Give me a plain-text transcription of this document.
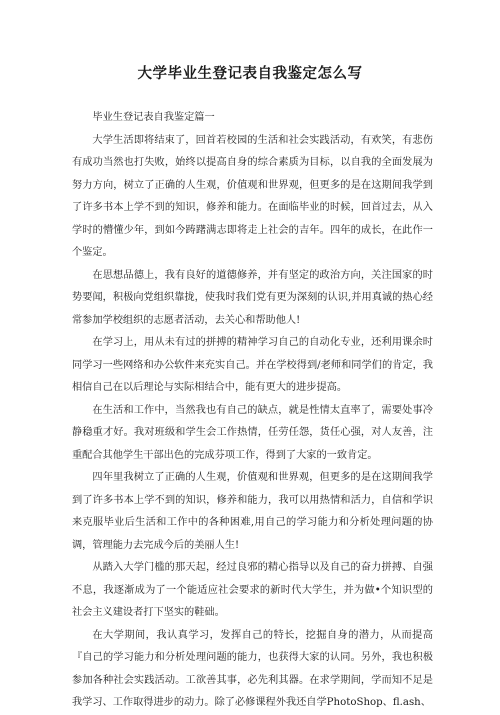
大学毕业生登记表自我鉴定怎么写

毕业生登记表自我鉴定篇一

大学生活即将结束了，回首若校园的生活和社会实践活动，有欢笑，有悲伤有成功当然也打失败，始终以提高自身的综合素质为目标，以自我的全面发展为努力方向，树立了正确的人生观，价值观和世界观，但更多的是在这期间我学到了许多书本上学不到的知识，修养和能力。在面临毕业的时候，回首过去，从入学时的懵懂少年，到如今踌躇满志即将走上社会的吉年。四年的成长，在此作一个鉴定。

在思想品德上，我有良好的道德修养，并有坚定的政治方向，关注国家的时势要闻，积极向党组织靠拢，使我时我们党有更为深刻的认识,并用真诚的热心经常参加学校组织的志愿者活动，去关心和帮助他人!

在学习上，用从未有过的拼搏的精神学习自己的自动化专业，还利用课余时同学习一些网络和办公软件来充实自己。并在学校得到/老师和同学们的肯定，我相信自己在以后理论与实际相结合中，能有更大的进步提高。

在生活和工作中，当然我也有自己的缺点，就是性情太直率了，需要处事冷静稳重才好。我对班级和学生会工作热情，任劳任怨，货任心强，对人友善，注重配合其他学生干部出色的完成芬项工作，得到了大家的一致肯定。

四年里我树立了正确的人生观，价值观和世界观，但更多的是在这期间我学到了许多书本上学不到的知识，修养和能力，我可以用热情和活力，自信和学识来克服毕业后生活和工作中的各种困难,用自己的学习能力和分析处理问题的协调，管理能力去完成今后的美丽人生!

从踏入大学门槛的那天起，经过良邪的精心指导以及自己的奋力拼搏、自强不息，我逐渐成为了一个能适应社会要求的新时代大学生，并为做•个知识型的社会主义建设者打下坚实的鞋础。

在大学期间，我认真学习，发挥自己的特长，挖掘自身的潜力，从而提高『自己的学习能力和分析处理问题的能力，也获得大家的认同。另外，我也积极参加各种社会实践活动。工欲善其事，必先利其器。在求学期间，学而知不足是我学习、工作取得进步的动力。除了必修课程外我还自学PhotoShop、fl.ash、
